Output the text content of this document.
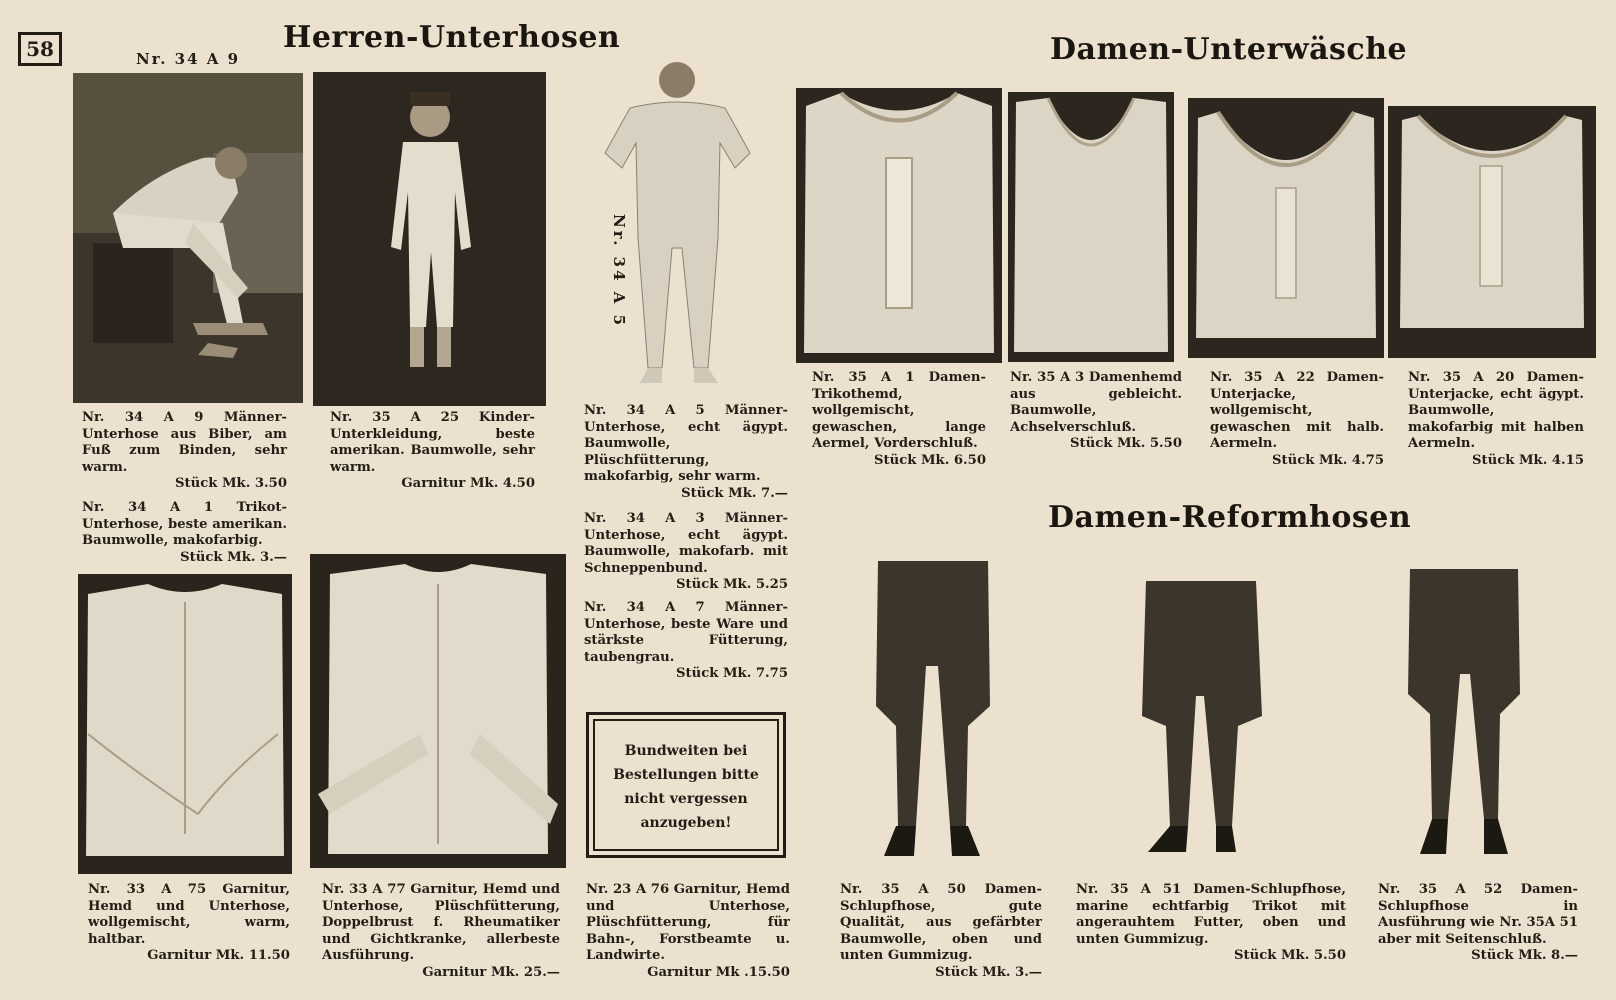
58	Herren-Unterhosen	Damen-Unterwäsche
Damen-Reformhosen
Nr. 34 A 9
Nr. 34 A 5
Bundweiten bei
Bestellungen bitte
nicht vergessen
anzugeben!
Nr. 34 A 9 Männer-Unterhose aus Biber, am Fuß zum Binden, sehr warm.
Stück Mk. 3.50
Nr. 34 A 1 Trikot-Unterhose, beste amerikan. Baumwolle, makofarbig.
Stück Mk. 3.—
Nr. 35 A 25 Kinder-Unterkleidung, beste amerikan. Baumwolle, sehr warm.
Garnitur Mk. 4.50
Nr. 34 A 5 Männer-Unterhose, echt ägypt. Baumwolle, Plüschfütterung, makofarbig, sehr warm.
Stück Mk. 7.—
Nr. 34 A 3 Männer-Unterhose, echt ägypt. Baumwolle, makofarb. mit Schneppenbund.
Stück Mk. 5.25
Nr. 34 A 7 Männer-Unterhose, beste Ware und stärkste Fütterung, taubengrau.
Stück Mk. 7.75
Nr. 35 A 1 Damen-Trikothemd, wollgemischt, gewaschen, lange Aermel, Vorderschluß.
Stück Mk. 6.50
Nr. 35 A 3 Damenhemd aus gebleicht. Baumwolle, Achselverschluß.
Stück Mk. 5.50
Nr. 35 A 22 Damen-Unterjacke, wollgemischt, gewaschen mit halb. Aermeln.
Stück Mk. 4.75
Nr. 35 A 20 Damen-Unterjacke, echt ägypt. Baumwolle, makofarbig mit halben Aermeln.
Stück Mk. 4.15
Nr. 33 A 75 Garnitur, Hemd und Unterhose, wollgemischt, warm, haltbar.
Garnitur Mk. 11.50
Nr. 33 A 77 Garnitur, Hemd und Unterhose, Plüschfütterung, Doppelbrust f. Rheumatiker und Gichtkranke, allerbeste Ausführung.
Garnitur Mk. 25.—
Nr. 23 A 76 Garnitur, Hemd und Unterhose, Plüschfütterung, für Bahn-, Forstbeamte u. Landwirte.
Garnitur Mk .15.50
Nr. 35 A 50 Damen-Schlupfhose, gute Qualität, aus gefärbter Baumwolle, oben und unten Gummizug.
Stück Mk. 3.—
Nr. 35 A 51 Damen-Schlupfhose, marine echtfarbig Trikot mit angerauhtem Futter, oben und unten Gummizug.
Stück Mk. 5.50
Nr. 35 A 52 Damen-Schlupfhose in Ausführung wie Nr. 35A 51 aber mit Seitenschluß.
Stück Mk. 8.—
